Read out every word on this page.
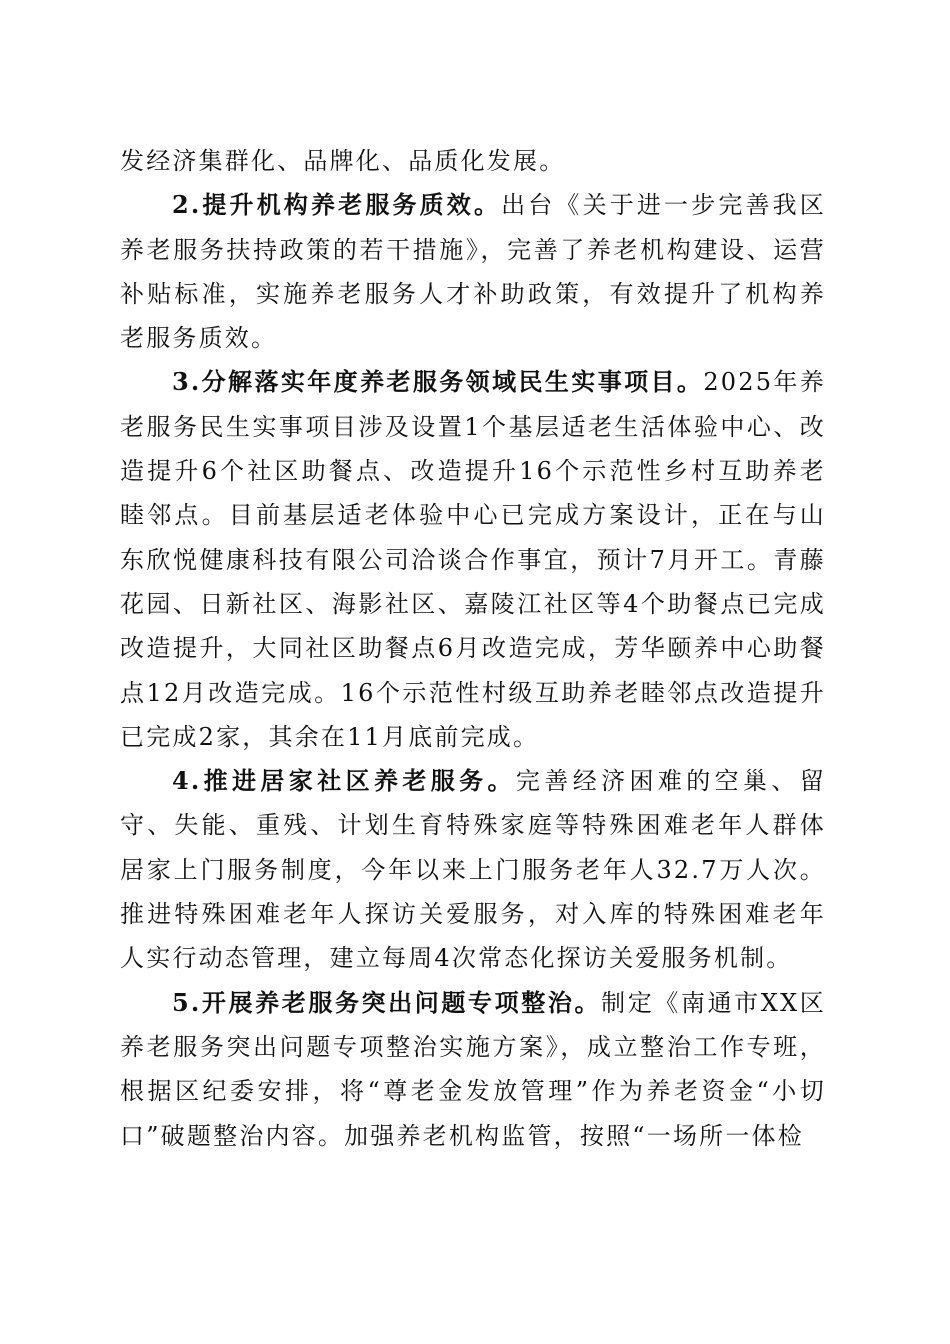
发经济集群化、品牌化、品质化发展。

2.提升机构养老服务质效。出台《关于进一步完善我区养老服务扶持政策的若干措施》，完善了养老机构建设、运营补贴标准，实施养老服务人才补助政策，有效提升了机构养老服务质效。

3.分解落实年度养老服务领域民生实事项目。2025年养老服务民生实事项目涉及设置1个基层适老生活体验中心、改造提升6个社区助餐点、改造提升16个示范性乡村互助养老睦邻点。目前基层适老体验中心已完成方案设计，正在与山东欣悦健康科技有限公司洽谈合作事宜，预计7月开工。青藤花园、日新社区、海影社区、嘉陵江社区等4个助餐点已完成改造提升，大同社区助餐点6月改造完成，芳华颐养中心助餐点12月改造完成。16个示范性村级互助养老睦邻点改造提升已完成2家，其余在11月底前完成。

4.推进居家社区养老服务。完善经济困难的空巢、留守、失能、重残、计划生育特殊家庭等特殊困难老年人群体居家上门服务制度，今年以来上门服务老年人32.7万人次。推进特殊困难老年人探访关爱服务，对入库的特殊困难老年人实行动态管理，建立每周4次常态化探访关爱服务机制。

5.开展养老服务突出问题专项整治。制定《南通市XX区养老服务突出问题专项整治实施方案》，成立整治工作专班，根据区纪委安排，将“尊老金发放管理”作为养老资金“小切口”破题整治内容。加强养老机构监管，按照“一场所一体检
